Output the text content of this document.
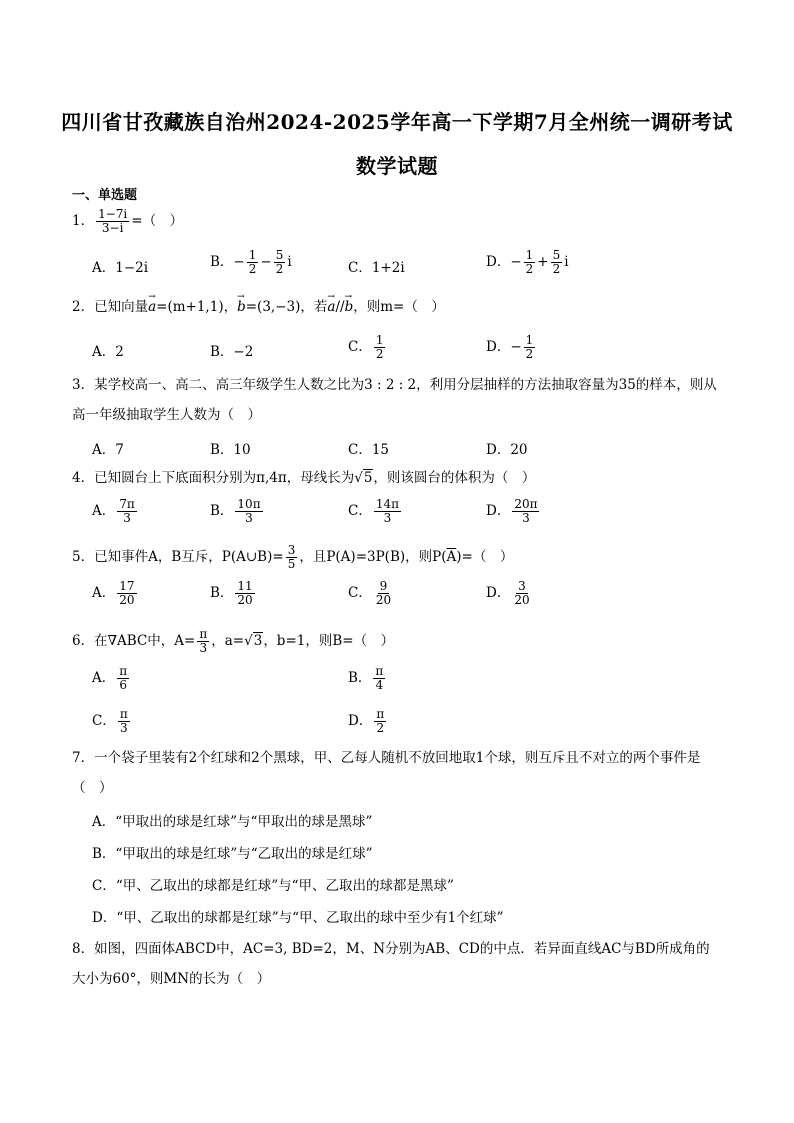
四川省甘孜藏族自治州2024-2025学年高一下学期7月全州统一调研考试
数学试题
一、单选题
1． $\frac{1-7i}{3-i}$ =（　）
A．1−2i	B．− $\frac{1}{2} - \frac{5}{2}$ i	C．1+2i	D．− $\frac{1}{2} + \frac{5}{2}$ i
2．已知向量→ a=(m+1,1)，→ b=(3,−3)，若→ a//→ b，则m=（　）
A．2	B．−2	C． $\frac{1}{2}$	D．− $\frac{1}{2}$
3．某学校高一、高二、高三年级学生人数之比为3 : 2 : 2，利用分层抽样的方法抽取容量为35的样本，则从高一年级抽取学生人数为（　）
A．7	B．10	C．15	D．20
4．已知圆台上下底面积分别为π,4π，母线长为√5，则该圆台的体积为（　）
A． $\frac{7\pi}{3}$	B． $\frac{10\pi}{3}$	C． $\frac{14\pi}{3}$	D． $\frac{20\pi}{3}$
5．已知事件A，B互斥，P(A∪B)= $\frac{3}{5}$ ，且P(A)=3P(B)，则$P(\overline{A})=$（　）
A． $\frac{17}{20}$	B． $\frac{11}{20}$	C． $\frac{9}{20}$	D． $\frac{3}{20}$
6．在∇ABC中，$A= \frac{\pi}{3}$ ，a=√3，b=1，则B=（　）
A． $\frac{\pi}{6}$	B． $\frac{\pi}{4}$
C． $\frac{\pi}{3}$	D． $\frac{\pi}{2}$
7．一个袋子里装有2个红球和2个黑球，甲、乙每人随机不放回地取1个球，则互斥且不对立的两个事件是（　）
A．“甲取出的球是红球”与“甲取出的球是黑球”
B．“甲取出的球是红球”与“乙取出的球是红球”
C．“甲、乙取出的球都是红球”与“甲、乙取出的球都是黑球”
D．“甲、乙取出的球都是红球”与“甲、乙取出的球中至少有1个红球”
8．如图，四面体ABCD中，AC=3, BD=2，M、N分别为AB、CD的中点．若异面直线AC与BD所成角的大小为60°，则MN的长为（　）
